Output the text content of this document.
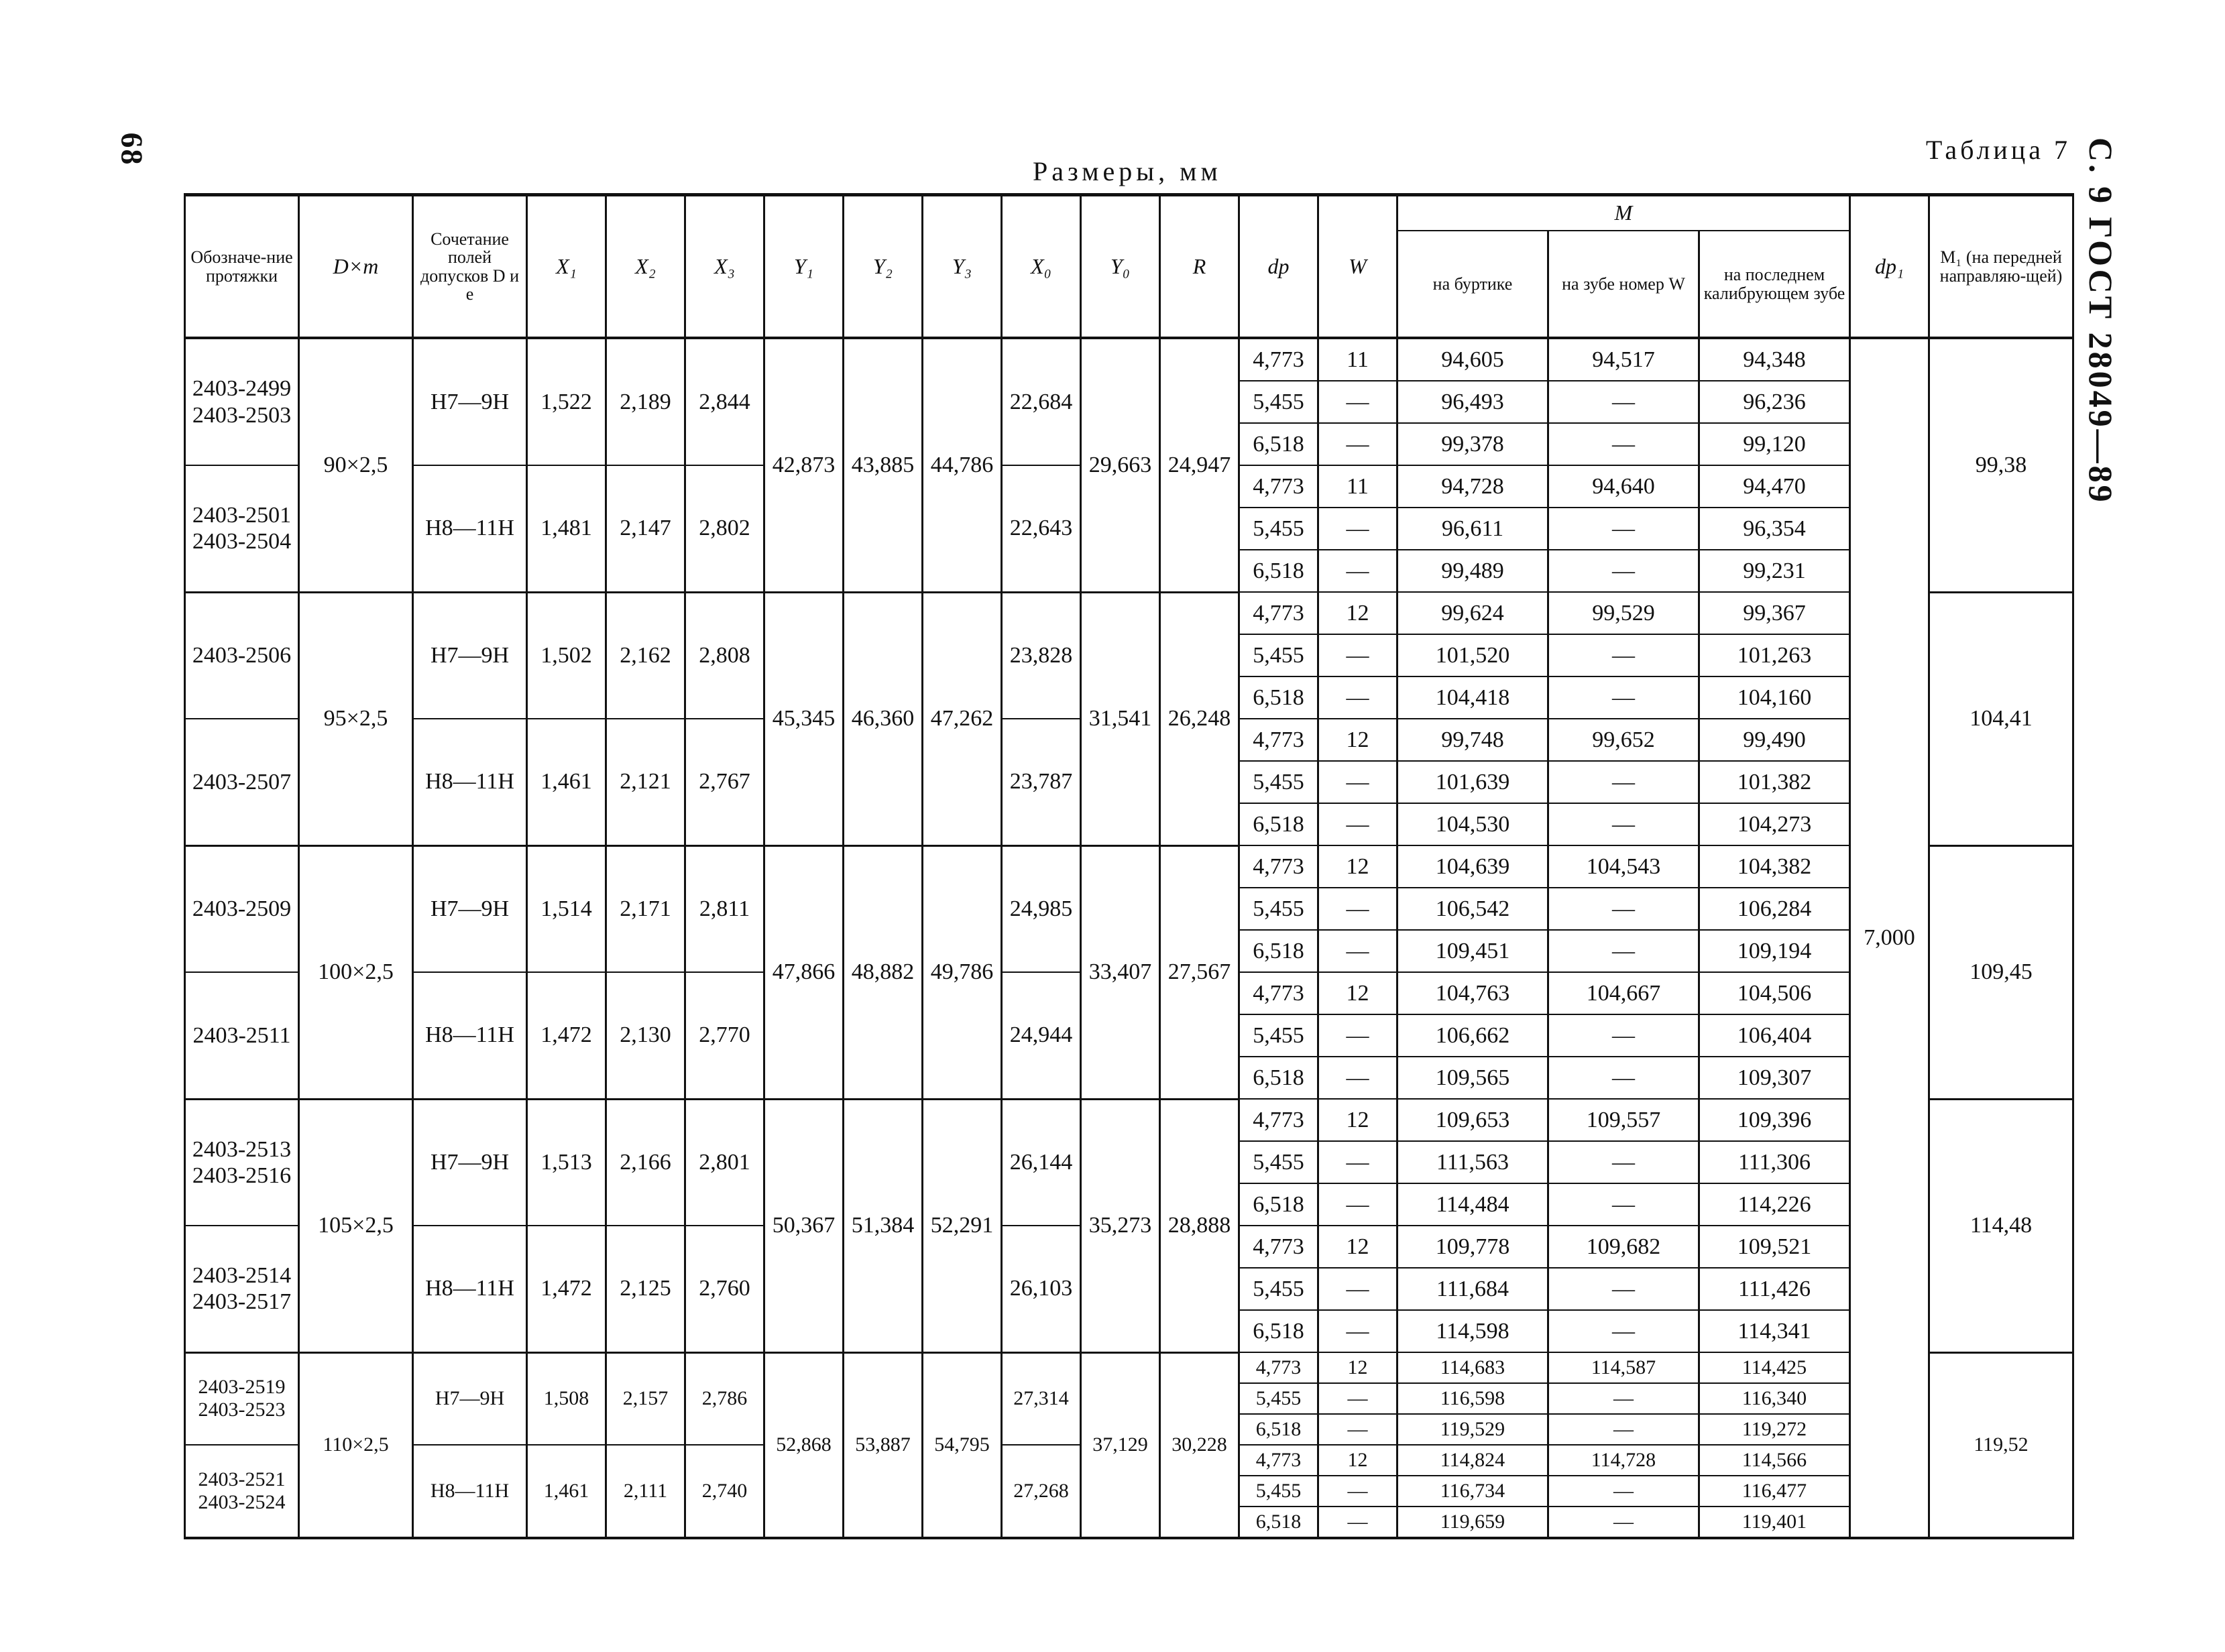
68	С. 9 ГОСТ 28049—89
Таблица 7
Размеры, мм
Обозначе-ние протяжки	D×m	Сочетание полей допусков D и e	X₁	X₂	X₃	Y₁	Y₂	Y₃	X₀	Y₀	R	dр	W	M			dр₁	M₁ (на передней направляю-щей)
														на буртике	на зубе номер W	на последнем калибрующем зубе		

2403-2499
2403-2503	90×2,5	H7—9H	1,522	2,189	2,844	42,873	43,885	44,786	22,684	29,663	24,947	4,773	11	94,605	94,517	94,348	7,000	99,38
												5,455	—	96,493	—	96,236		
												6,518	—	99,378	—	99,120		

2403-2501
2403-2504		H8—11H	1,481	2,147	2,802				22,643			4,773	11	94,728	94,640	94,470		
												5,455	—	96,611	—	96,354		
												6,518	—	99,489	—	99,231		

2403-2506	95×2,5	H7—9H	1,502	2,162	2,808	45,345	46,360	47,262	23,828	31,541	26,248	4,773	12	99,624	99,529	99,367		104,41
												5,455	—	101,520	—	101,263		
												6,518	—	104,418	—	104,160		

2403-2507		H8—11H	1,461	2,121	2,767				23,787			4,773	12	99,748	99,652	99,490		
												5,455	—	101,639	—	101,382		
												6,518	—	104,530	—	104,273		

2403-2509	100×2,5	H7—9H	1,514	2,171	2,811	47,866	48,882	49,786	24,985	33,407	27,567	4,773	12	104,639	104,543	104,382		109,45
												5,455	—	106,542	—	106,284		
												6,518	—	109,451	—	109,194		

2403-2511		H8—11H	1,472	2,130	2,770				24,944			4,773	12	104,763	104,667	104,506		
												5,455	—	106,662	—	106,404		
												6,518	—	109,565	—	109,307		

2403-2513
2403-2516	105×2,5	H7—9H	1,513	2,166	2,801	50,367	51,384	52,291	26,144	35,273	28,888	4,773	12	109,653	109,557	109,396		114,48
												5,455	—	111,563	—	111,306		
												6,518	—	114,484	—	114,226		

2403-2514
2403-2517		H8—11H	1,472	2,125	2,760				26,103			4,773	12	109,778	109,682	109,521		
												5,455	—	111,684	—	111,426		
												6,518	—	114,598	—	114,341		

2403-2519
2403-2523	110×2,5	H7—9H	1,508	2,157	2,786	52,868	53,887	54,795	27,314	37,129	30,228	4,773	12	114,683	114,587	114,425		119,52
												5,455	—	116,598	—	116,340		
												6,518	—	119,529	—	119,272		

2403-2521
2403-2524		H8—11H	1,461	2,111	2,740				27,268			4,773	12	114,824	114,728	114,566		
												5,455	—	116,734	—	116,477		
												6,518	—	119,659	—	119,401		
